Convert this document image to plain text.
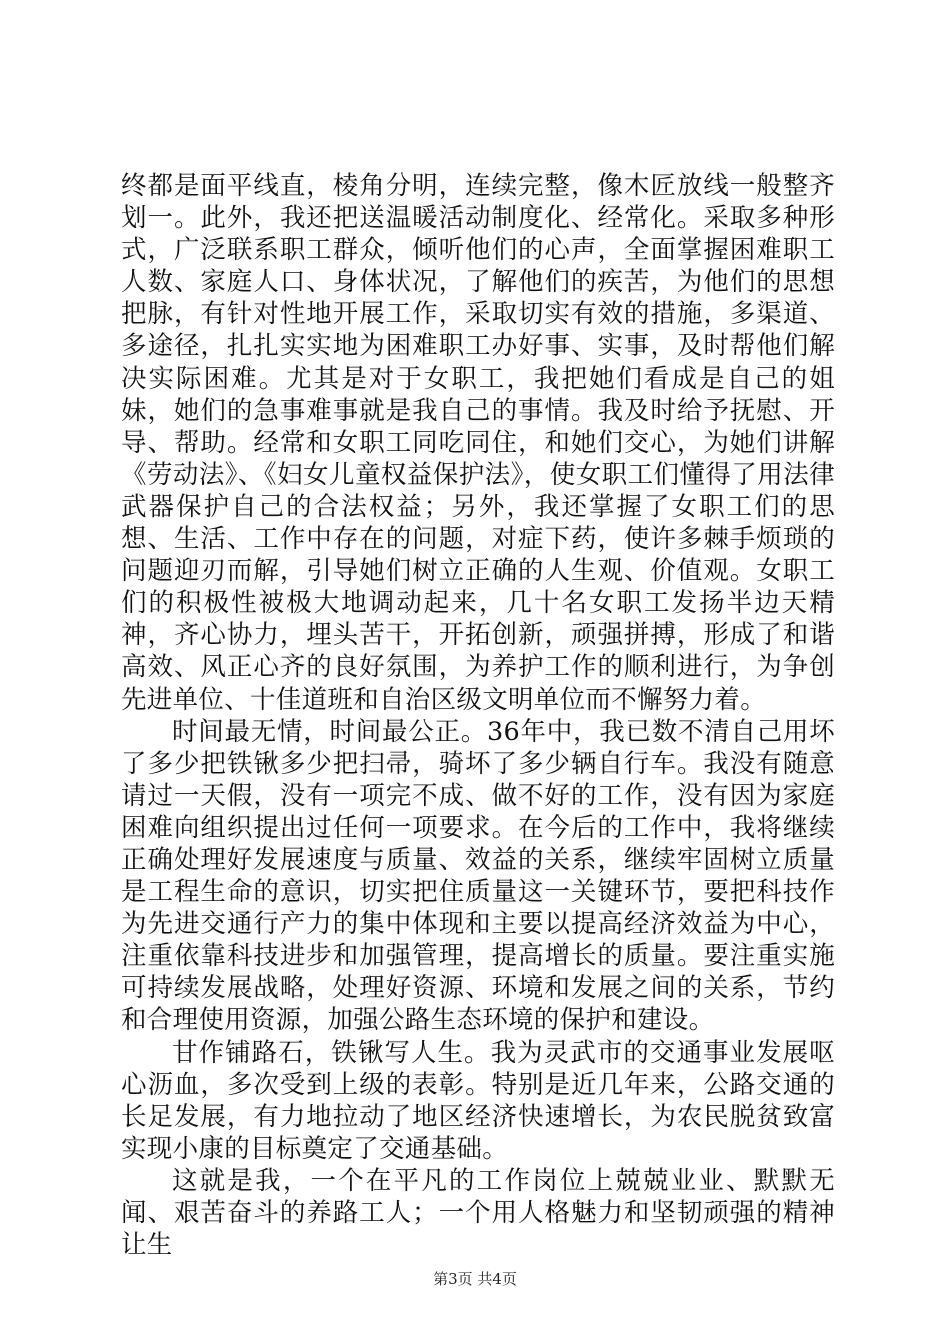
终都是面平线直，棱角分明，连续完整，像木匠放线一般整齐划一。此外，我还把送温暖活动制度化、经常化。采取多种形式，广泛联系职工群众，倾听他们的心声，全面掌握困难职工人数、家庭人口、身体状况，了解他们的疾苦，为他们的思想把脉，有针对性地开展工作，采取切实有效的措施，多渠道、多途径，扎扎实实地为困难职工办好事、实事，及时帮他们解决实际困难。尤其是对于女职工，我把她们看成是自己的姐妹，她们的急事难事就是我自己的事情。我及时给予抚慰、开导、帮助。经常和女职工同吃同住，和她们交心，为她们讲解《劳动法》、《妇女儿童权益保护法》，使女职工们懂得了用法律武器保护自己的合法权益；另外，我还掌握了女职工们的思想、生活、工作中存在的问题，对症下药，使许多棘手烦琐的问题迎刃而解，引导她们树立正确的人生观、价值观。女职工们的积极性被极大地调动起来，几十名女职工发扬半边天精神，齐心协力，埋头苦干，开拓创新，顽强拼搏，形成了和谐高效、风正心齐的良好氛围，为养护工作的顺利进行，为争创先进单位、十佳道班和自治区级文明单位而不懈努力着。

时间最无情，时间最公正。36年中，我已数不清自己用坏了多少把铁锹多少把扫帚，骑坏了多少辆自行车。我没有随意请过一天假，没有一项完不成、做不好的工作，没有因为家庭困难向组织提出过任何一项要求。在今后的工作中，我将继续正确处理好发展速度与质量、效益的关系，继续牢固树立质量是工程生命的意识，切实把住质量这一关键环节，要把科技作为先进交通行产力的集中体现和主要以提高经济效益为中心，注重依靠科技进步和加强管理，提高增长的质量。要注重实施可持续发展战略，处理好资源、环境和发展之间的关系，节约和合理使用资源，加强公路生态环境的保护和建设。

甘作铺路石，铁锹写人生。我为灵武市的交通事业发展呕心沥血，多次受到上级的表彰。特别是近几年来，公路交通的长足发展，有力地拉动了地区经济快速增长，为农民脱贫致富实现小康的目标奠定了交通基础。

这就是我，一个在平凡的工作岗位上兢兢业业、默默无闻、艰苦奋斗的养路工人；一个用人格魅力和坚韧顽强的精神让生

第3页 共4页
